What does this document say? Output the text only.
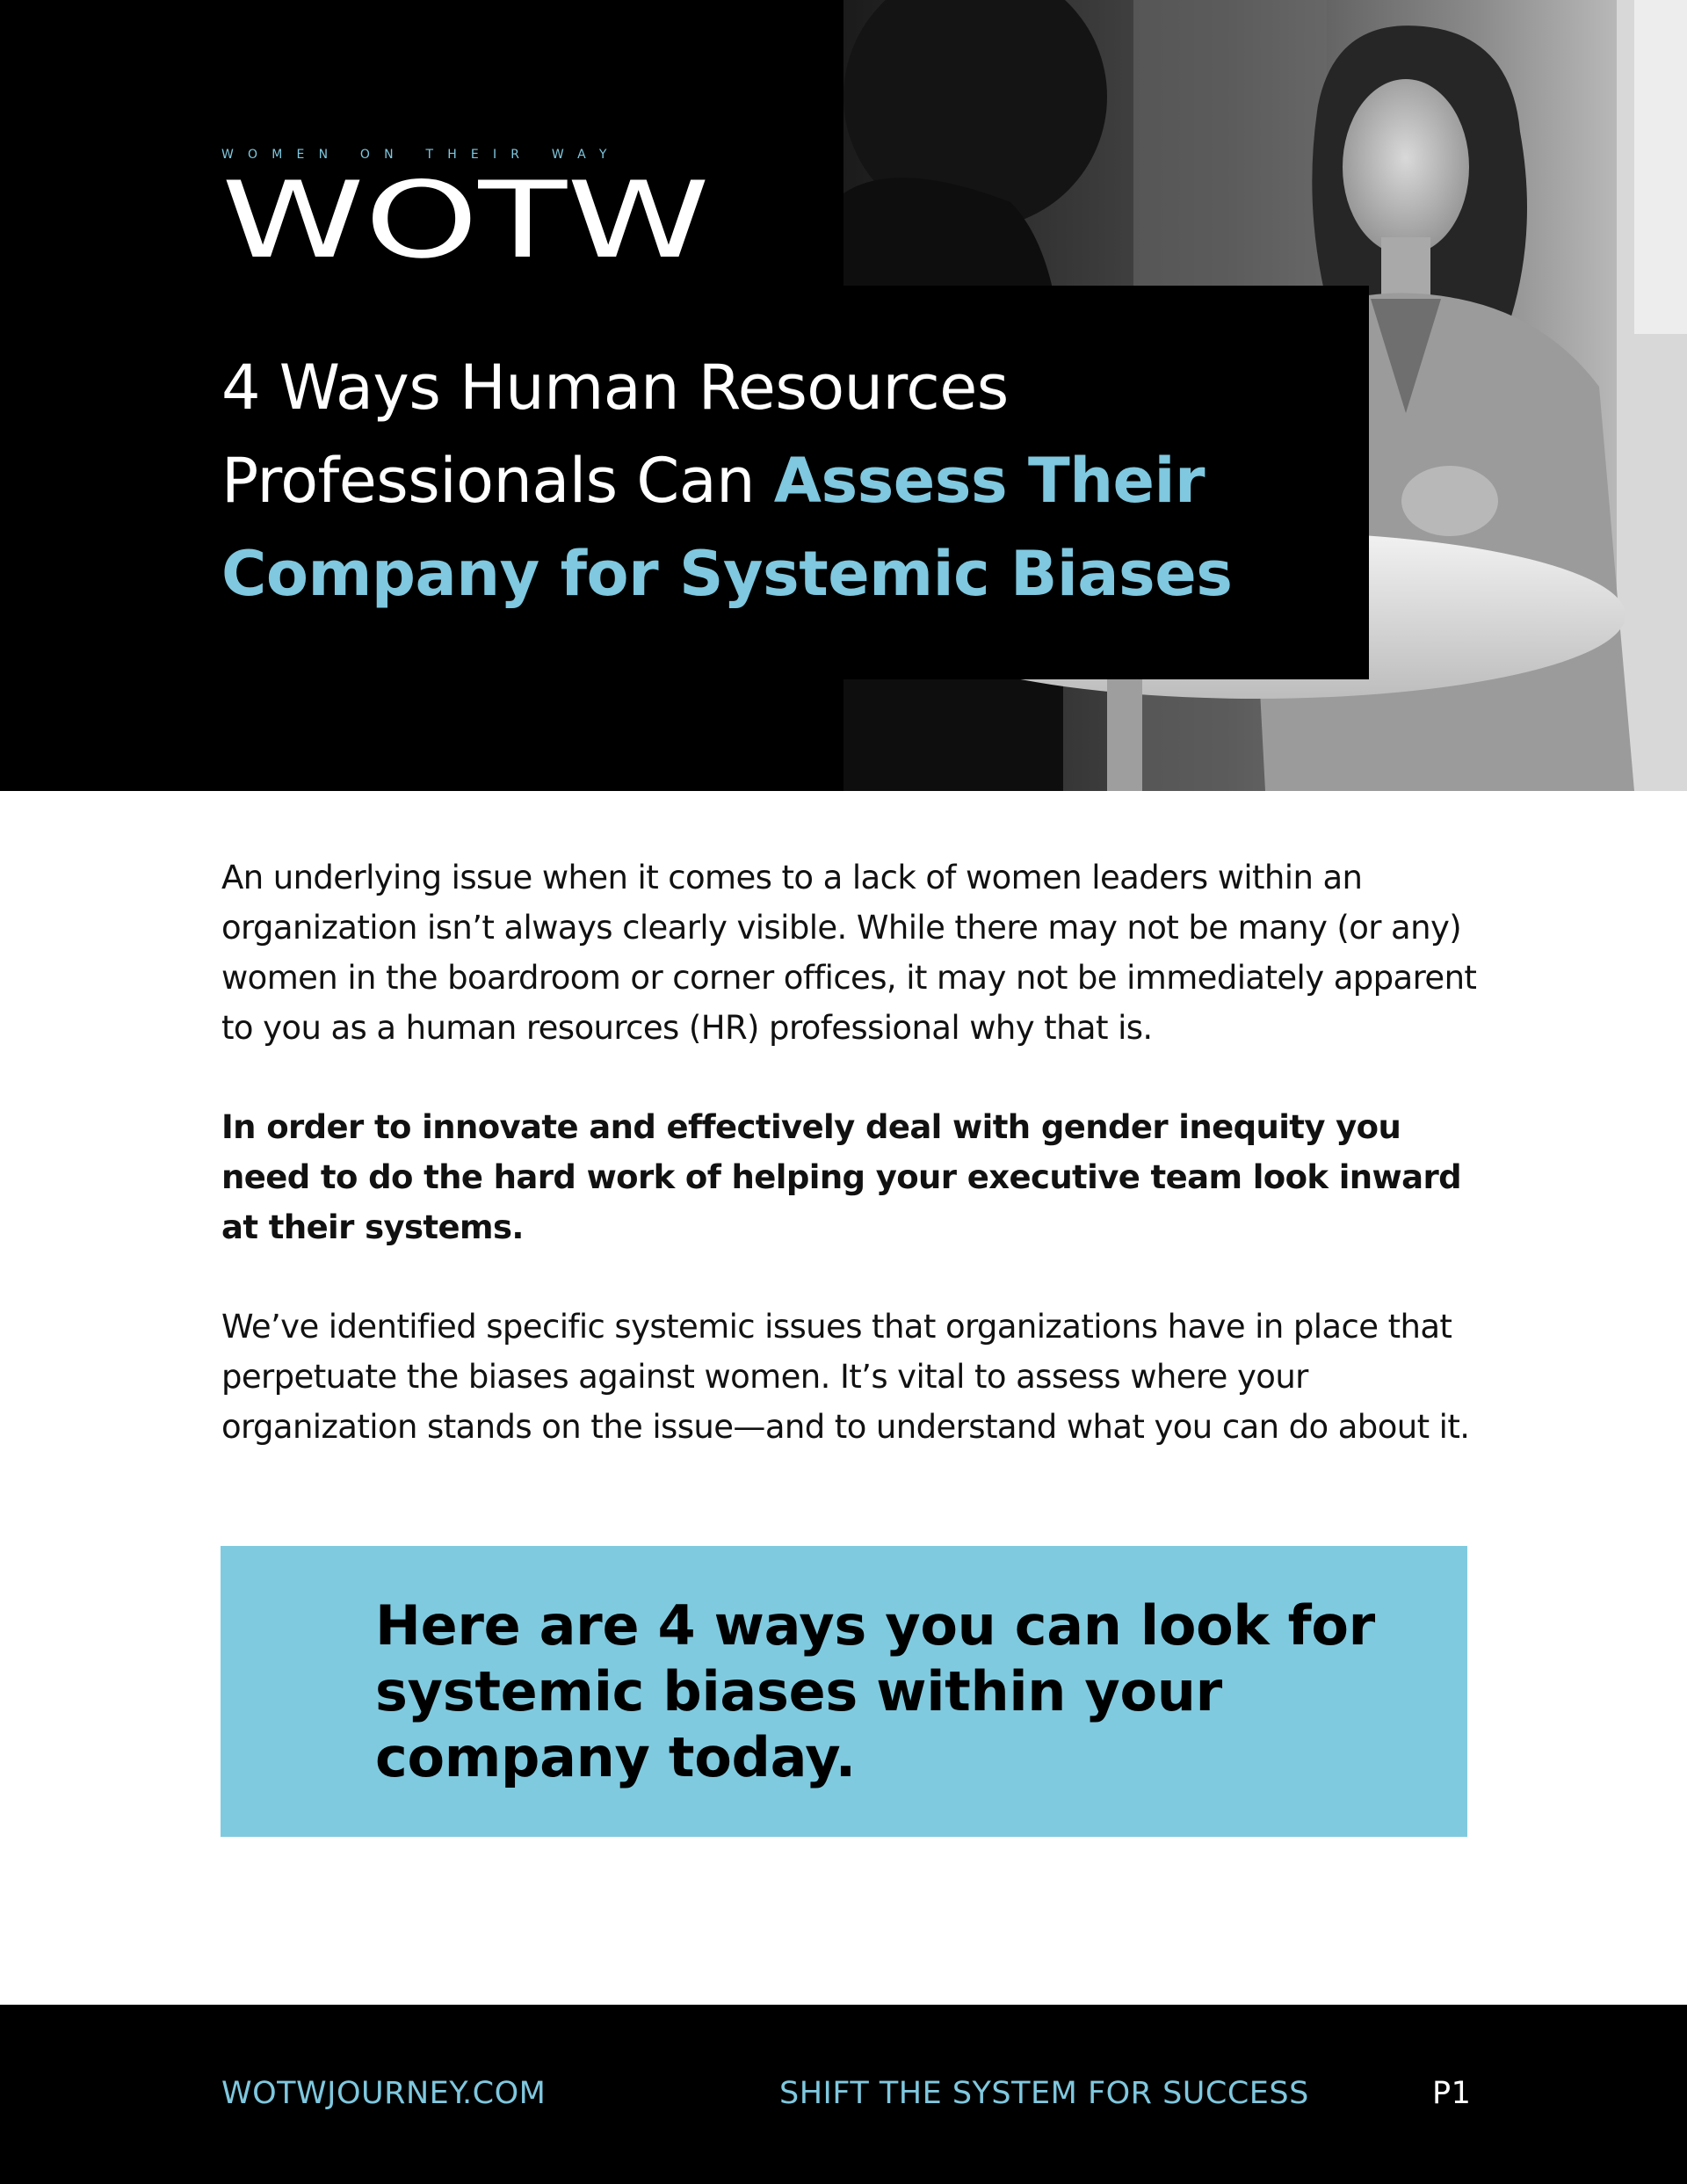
WOMEN ON THEIR WAY
WOTW
4 Ways Human Resources Professionals Can Assess Their Company for Systemic Biases

An underlying issue when it comes to a lack of women leaders within an organization isn’t always clearly visible. While there may not be many (or any) women in the boardroom or corner offices, it may not be immediately apparent to you as a human resources (HR) professional why that is.

In order to innovate and effectively deal with gender inequity you need to do the hard work of helping your executive team look inward at their systems.

We’ve identified specific systemic issues that organizations have in place that perpetuate the biases against women. It’s vital to assess where your organization stands on the issue—and to understand what you can do about it.

Here are 4 ways you can look for systemic biases within your company today.

WOTWJOURNEY.COM	SHIFT THE SYSTEM FOR SUCCESS	P1
